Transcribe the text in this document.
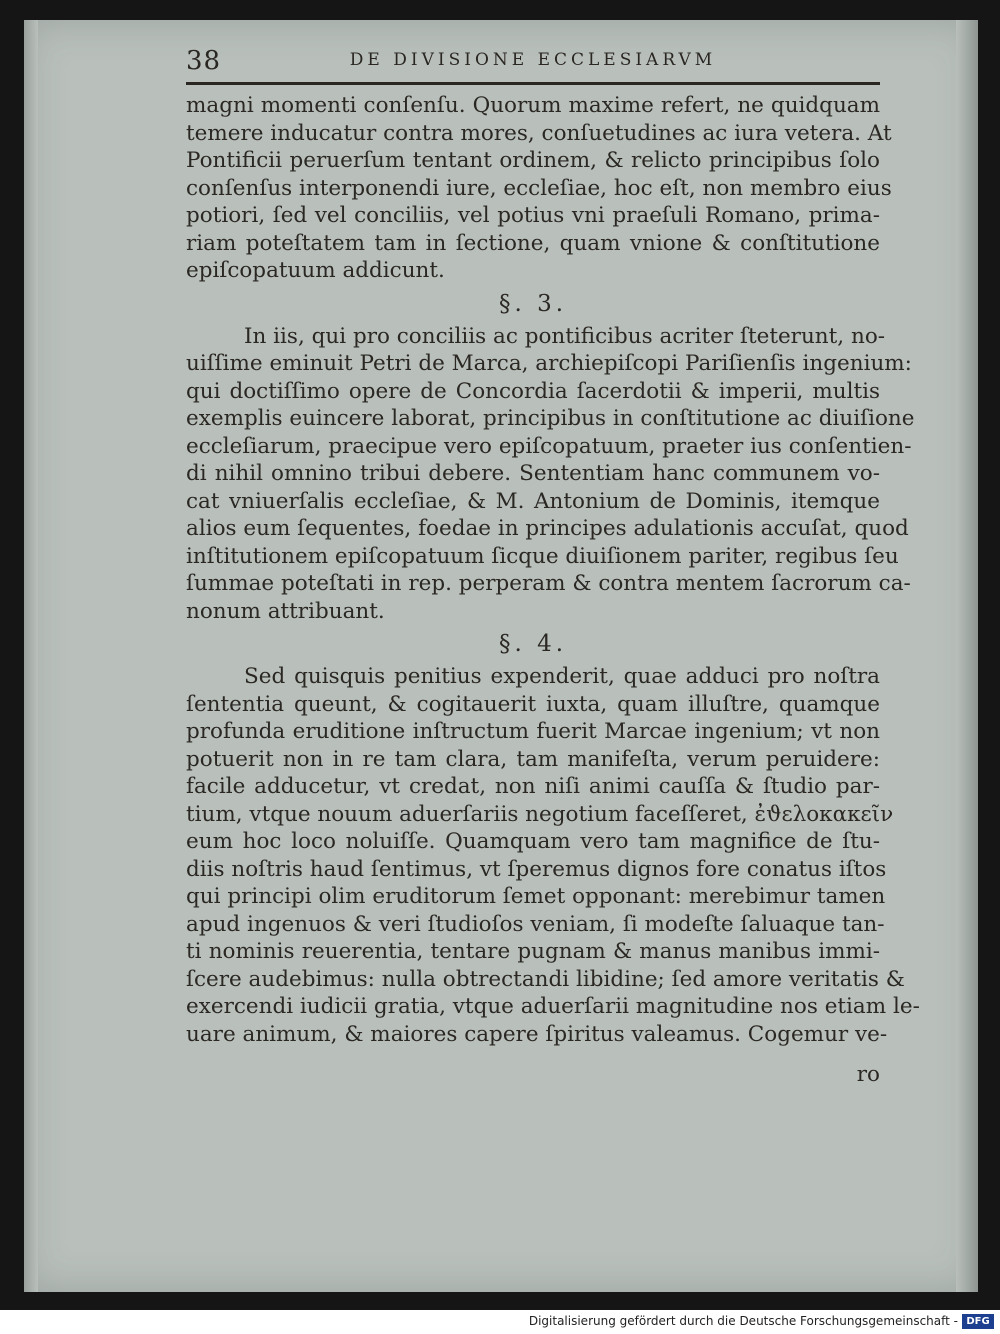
38	DE DIVISIONE ECCLESIARVM
magni momenti conſenſu. Quorum maxime refert, ne quidquam
temere inducatur contra mores, conſuetudines ac iura vetera. At
Pontificii peruerſum tentant ordinem, & relicto principibus ſolo
conſenſus interponendi iure, eccleſiae, hoc eſt, non membro eius
potiori, ſed vel conciliis, vel potius vni praeſuli Romano, prima-
riam poteſtatem tam in ſectione, quam vnione & conſtitutione
epiſcopatuum addicunt.
§. 3.
In iis, qui pro conciliis ac pontificibus acriter ſteterunt, no-
uiſſime eminuit Petri de Marca, archiepiſcopi Pariſienſis ingenium:
qui doctiſſimo opere de Concordia ſacerdotii & imperii, multis
exemplis euincere laborat, principibus in conſtitutione ac diuiſione
eccleſiarum, praecipue vero epiſcopatuum, praeter ius conſentien-
di nihil omnino tribui debere. Sententiam hanc communem vo-
cat vniuerſalis eccleſiae, & M. Antonium de Dominis, itemque
alios eum ſequentes, foedae in principes adulationis accuſat, quod
inſtitutionem epiſcopatuum ſicque diuiſionem pariter, regibus ſeu
ſummae poteſtati in rep. perperam & contra mentem ſacrorum ca-
nonum attribuant.
§. 4.
Sed quisquis penitius expenderit, quae adduci pro noſtra
ſententia queunt, & cogitauerit iuxta, quam illuſtre, quamque
profunda eruditione inſtructum fuerit Marcae ingenium; vt non
potuerit non in re tam clara, tam manifeſta, verum peruidere:
facile adducetur, vt credat, non niſi animi cauſſa & ſtudio par-
tium, vtque nouum aduerſariis negotium faceſſeret, ἐϑελοκακεῖν
eum hoc loco noluiſſe. Quamquam vero tam magnifice de ſtu-
diis noſtris haud ſentimus, vt ſperemus dignos fore conatus iſtos
qui principi olim eruditorum ſemet opponant: merebimur tamen
apud ingenuos & veri ſtudioſos veniam, ſi modeſte ſaluaque tan-
ti nominis reuerentia, tentare pugnam & manus manibus immi-
ſcere audebimus: nulla obtrectandi libidine; ſed amore veritatis &
exercendi iudicii gratia, vtque aduerſarii magnitudine nos etiam le-
uare animum, & maiores capere ſpiritus valeamus. Cogemur ve-
ro
Digitalisierung gefördert durch die Deutsche Forschungsgemeinschaft - DFG
